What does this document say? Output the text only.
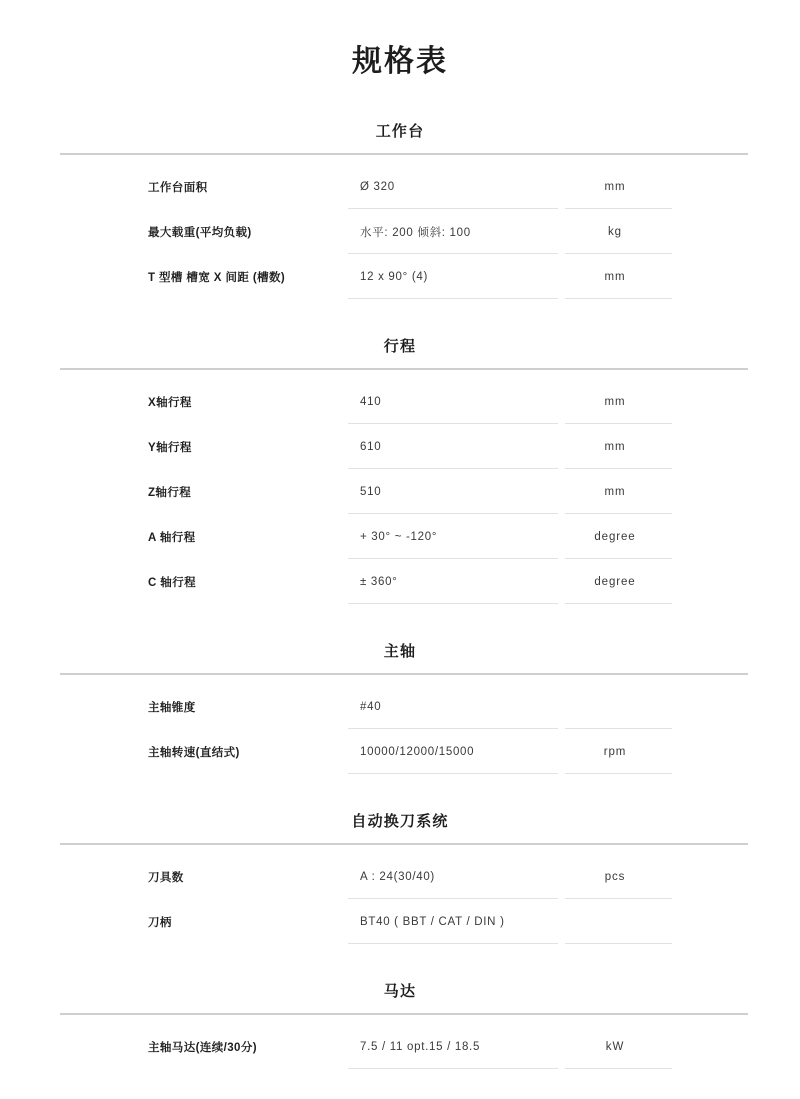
规格表
工作台
工作台面积	Ø 320	mm
最大载重(平均负载)	水平: 200 倾斜: 100	kg
T 型槽 槽宽 X 间距 (槽数)	12 x 90° (4)	mm
行程
X轴行程	410	mm
Y轴行程	610	mm
Z轴行程	510	mm
A 轴行程	+ 30° ~ -120°	degree
C 轴行程	± 360°	degree
主轴
主轴锥度	#40
主轴转速(直结式)	10000/12000/15000	rpm
自动换刀系统
刀具数	A : 24(30/40)	pcs
刀柄	BT40 ( BBT / CAT / DIN )
马达
主轴马达(连续/30分)	7.5 / 11 opt.15 / 18.5	kW
